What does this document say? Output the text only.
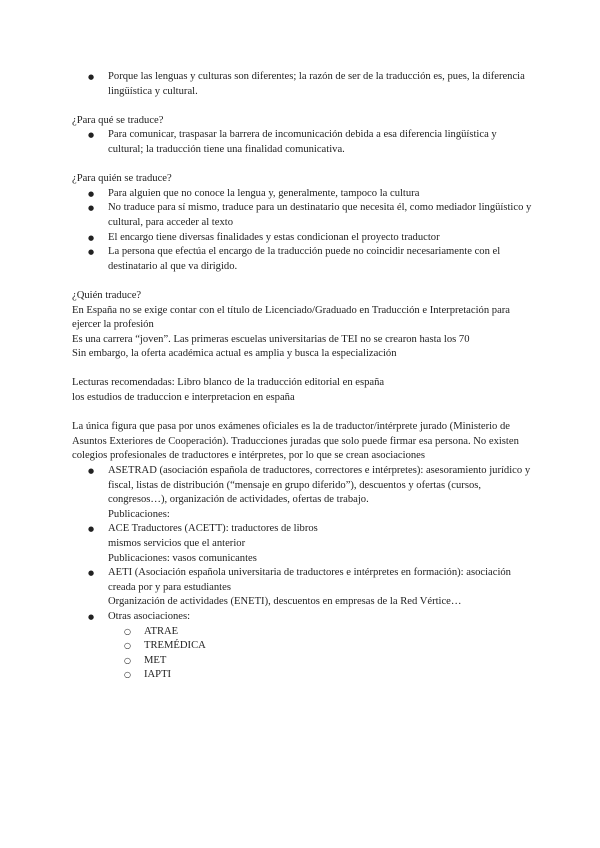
● Porque las lenguas y culturas son diferentes; la razón de ser de la traducción es, pues, la diferencia lingüística y cultural.

¿Para qué se traduce?

● Para comunicar, traspasar la barrera de incomunicación debida a esa diferencia lingüística y cultural; la traducción tiene una finalidad comunicativa.

¿Para quién se traduce?

● Para alguien que no conoce la lengua y, generalmente, tampoco la cultura
● No traduce para sí mismo, traduce para un destinatario que necesita él, como mediador lingüístico y cultural, para acceder al texto
● El encargo tiene diversas finalidades y estas condicionan el proyecto traductor
● La persona que efectúa el encargo de la traducción puede no coincidir necesariamente con el destinatario al que va dirigido.

¿Quién traduce?

En España no se exige contar con el título de Licenciado/Graduado en Traducción e Interpretación para ejercer la profesión

Es una carrera “joven”. Las primeras escuelas universitarias de TEI no se crearon hasta los 70

Sin embargo, la oferta académica actual es amplia y busca la especialización

Lecturas recomendadas: Libro blanco de la traducción editorial en españa

los estudios de traduccion e interpretacion en españa

La única figura que pasa por unos exámenes oficiales es la de traductor/intérprete jurado (Ministerio de Asuntos Exteriores de Cooperación). Traducciones juradas que solo puede firmar esa persona. No existen colegios profesionales de traductores e intérpretes, por lo que se crean asociaciones

● ASETRAD (asociación española de traductores, correctores e intérpretes): asesoramiento jurídico y fiscal, listas de distribución (“mensaje en grupo diferido”), descuentos y ofertas (cursos, congresos…), organización de actividades, ofertas de trabajo.
Publicaciones:
● ACE Traductores (ACETT): traductores de libros
mismos servicios que el anterior
Publicaciones: vasos comunicantes
● AETI (Asociación española universitaria de traductores e intérpretes en formación): asociación creada por y para estudiantes
Organización de actividades (ENETI), descuentos en empresas de la Red Vértice…
● Otras asociaciones:
○ ATRAE
○ TREMÉDICA
○ MET
○ IAPTI
